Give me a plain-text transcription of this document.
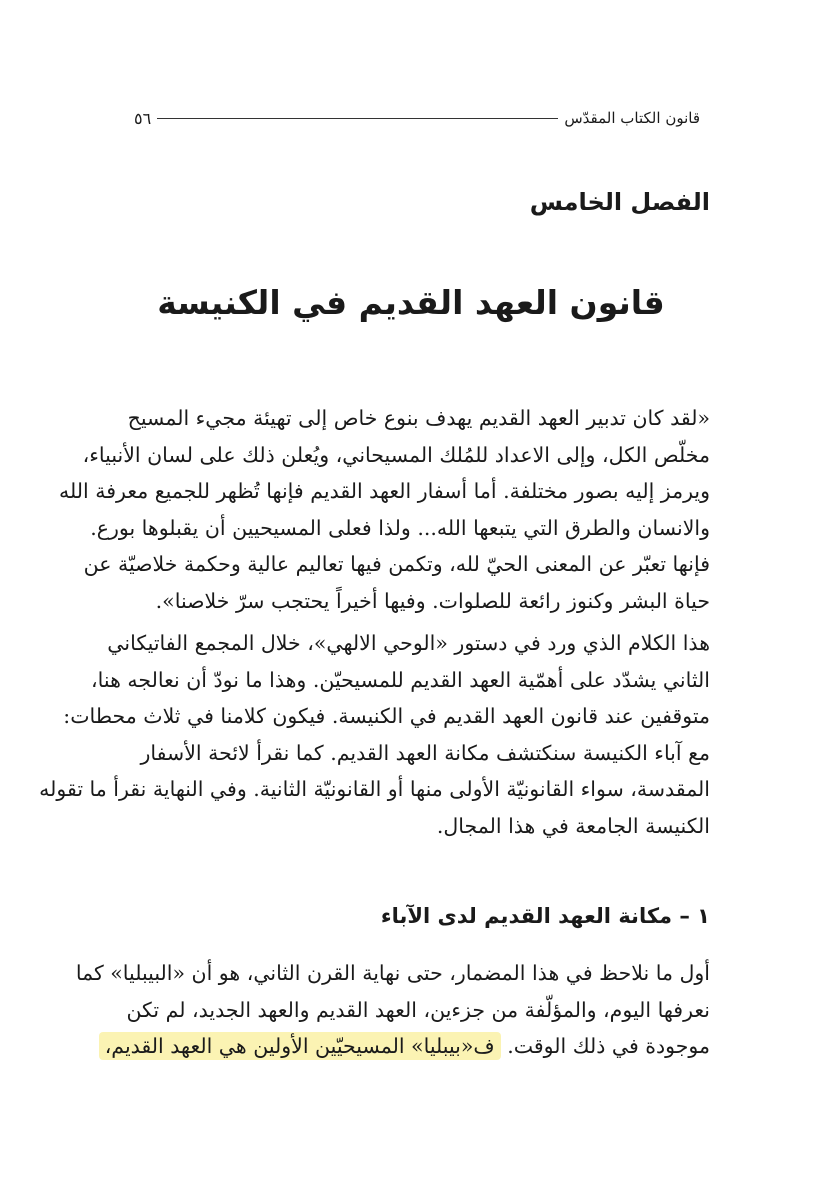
قانون الكتاب المقدّس
٥٦
الفصل الخامس
قانون العهد القديم في الكنيسة

«لقد كان تدبير العهد القديم يهدف بنوع خاص إلى تهيئة مجيء المسيح
مخلّص الكل، وإلى الاعداد للمُلك المسيحاني، ويُعلن ذلك على لسان الأنبياء،
ويرمز إليه بصور مختلفة. أما أسفار العهد القديم فإنها تُظهر للجميع معرفة الله
والانسان والطرق التي يتبعها الله... ولذا فعلى المسيحيين أن يقبلوها بورع.
فإنها تعبّر عن المعنى الحيّ لله، وتكمن فيها تعاليم عالية وحكمة خلاصيّة عن
حياة البشر وكنوز رائعة للصلوات. وفيها أخيراً يحتجب سرّ خلاصنا».

هذا الكلام الذي ورد في دستور «الوحي الالهي»، خلال المجمع الفاتيكاني
الثاني يشدّد على أهمّية العهد القديم للمسيحيّن. وهذا ما نودّ أن نعالجه هنا،
متوقفين عند قانون العهد القديم في الكنيسة. فيكون كلامنا في ثلاث محطات:
مع آباء الكنيسة سنكتشف مكانة العهد القديم. كما نقرأ لائحة الأسفار
المقدسة، سواء القانونيّة الأولى منها أو القانونيّة الثانية. وفي النهاية نقرأ ما تقوله
الكنيسة الجامعة في هذا المجال.

١ – مكانة العهد القديم لدى الآباء

أول ما نلاحظ في هذا المضمار، حتى نهاية القرن الثاني، هو أن «البيبليا» كما
نعرفها اليوم، والمؤلّفة من جزءين، العهد القديم والعهد الجديد، لم تكن
موجودة في ذلك الوقت. ف«بيبليا» المسيحيّين الأولين هي العهد القديم،
